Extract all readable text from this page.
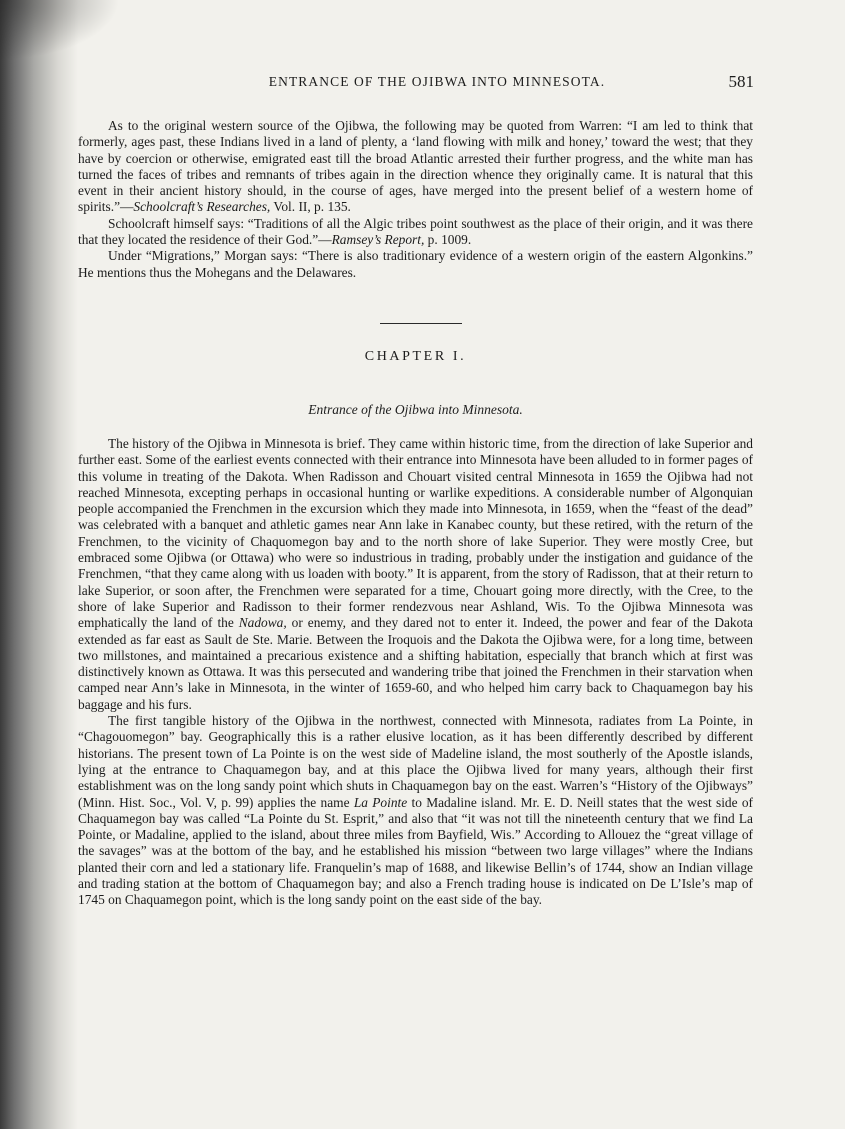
ENTRANCE OF THE OJIBWA INTO MINNESOTA.	581

As to the original western source of the Ojibwa, the following may be quoted from Warren: “I am led to think that formerly, ages past, these Indians lived in a land of plenty, a ‘land flowing with milk and honey,’ toward the west; that they have by coercion or otherwise, emigrated east till the broad Atlantic arrested their further progress, and the white man has turned the faces of tribes and remnants of tribes again in the direction whence they originally came. It is natural that this event in their ancient history should, in the course of ages, have merged into the present belief of a western home of spirits.”—Schoolcraft’s Researches, Vol. II, p. 135.

Schoolcraft himself says: “Traditions of all the Algic tribes point southwest as the place of their origin, and it was there that they located the residence of their God.”—Ramsey’s Report, p. 1009.

Under “Migrations,” Morgan says: “There is also traditionary evidence of a western origin of the eastern Algonkins.” He mentions thus the Mohegans and the Delawares.

CHAPTER I.
Entrance of the Ojibwa into Minnesota.

The history of the Ojibwa in Minnesota is brief. They came within historic time, from the direction of lake Superior and further east. Some of the earliest events connected with their entrance into Minnesota have been alluded to in former pages of this volume in treating of the Dakota. When Radisson and Chouart visited central Minnesota in 1659 the Ojibwa had not reached Minnesota, excepting perhaps in occasional hunting or warlike expeditions. A considerable number of Algonquian people accompanied the Frenchmen in the excursion which they made into Minnesota, in 1659, when the “feast of the dead” was celebrated with a banquet and athletic games near Ann lake in Kanabec county, but these retired, with the return of the Frenchmen, to the vicinity of Chaquomegon bay and to the north shore of lake Superior. They were mostly Cree, but embraced some Ojibwa (or Ottawa) who were so industrious in trading, probably under the instigation and guidance of the Frenchmen, “that they came along with us loaden with booty.” It is apparent, from the story of Radisson, that at their return to lake Superior, or soon after, the Frenchmen were separated for a time, Chouart going more directly, with the Cree, to the shore of lake Superior and Radisson to their former rendezvous near Ashland, Wis. To the Ojibwa Minnesota was emphatically the land of the Nadowa, or enemy, and they dared not to enter it. Indeed, the power and fear of the Dakota extended as far east as Sault de Ste. Marie. Between the Iroquois and the Dakota the Ojibwa were, for a long time, between two millstones, and maintained a precarious existence and a shifting habitation, especially that branch which at first was distinctively known as Ottawa. It was this persecuted and wandering tribe that joined the Frenchmen in their starvation when camped near Ann’s lake in Minnesota, in the winter of 1659-60, and who helped him carry back to Chaquamegon bay his baggage and his furs.

The first tangible history of the Ojibwa in the northwest, connected with Minnesota, radiates from La Pointe, in “Chagouomegon” bay. Geographically this is a rather elusive location, as it has been differently described by different historians. The present town of La Pointe is on the west side of Madeline island, the most southerly of the Apostle islands, lying at the entrance to Chaquamegon bay, and at this place the Ojibwa lived for many years, although their first establishment was on the long sandy point which shuts in Chaquamegon bay on the east. Warren’s “History of the Ojibways” (Minn. Hist. Soc., Vol. V, p. 99) applies the name La Pointe to Madaline island. Mr. E. D. Neill states that the west side of Chaquamegon bay was called “La Pointe du St. Esprit,” and also that “it was not till the nineteenth century that we find La Pointe, or Madaline, applied to the island, about three miles from Bayfield, Wis.” According to Allouez the “great village of the savages” was at the bottom of the bay, and he established his mission “between two large villages” where the Indians planted their corn and led a stationary life. Franquelin’s map of 1688, and likewise Bellin’s of 1744, show an Indian village and trading station at the bottom of Chaquamegon bay; and also a French trading house is indicated on De L’Isle’s map of 1745 on Chaquamegon point, which is the long sandy point on the east side of the bay.
